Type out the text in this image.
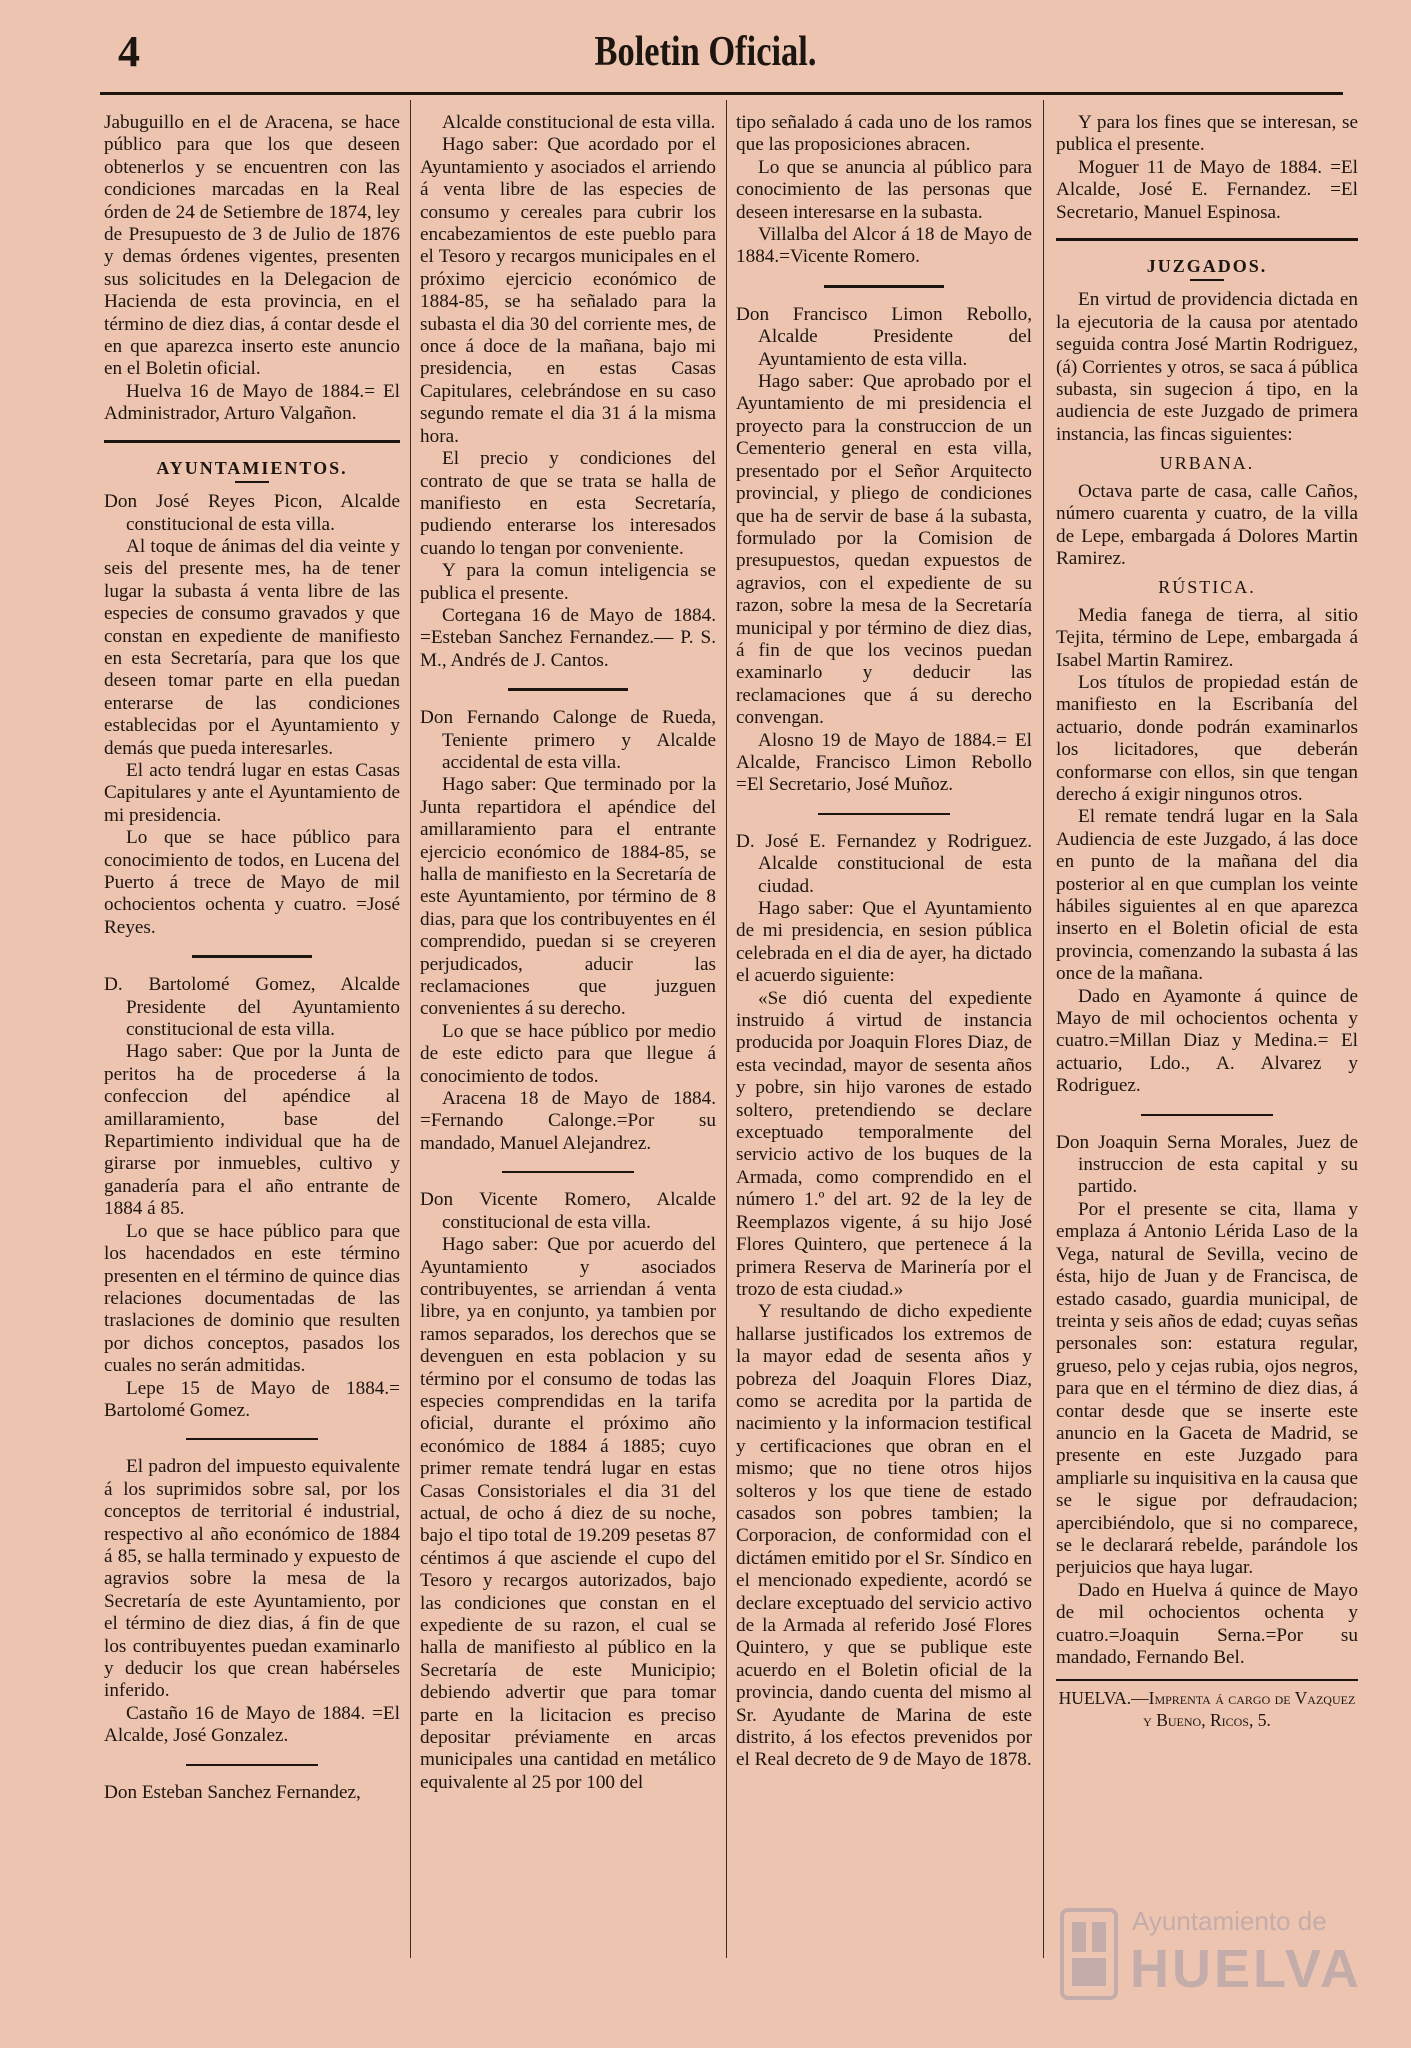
4	Boletin Oficial.

Jabuguillo en el de Aracena, se hace público para que los que deseen obtenerlos y se encuentren con las condiciones marcadas en la Real órden de 24 de Setiembre de 1874, ley de Presupuesto de 3 de Julio de 1876 y demas órdenes vigentes, presenten sus solicitudes en la Delegacion de Hacienda de esta provincia, en el término de diez dias, á contar desde el en que aparezca inserto este anuncio en el Boletin oficial.

Huelva 16 de Mayo de 1884.= El Administrador, Arturo Valgañon.

AYUNTAMIENTOS.

Don José Reyes Picon, Alcalde constitucional de esta villa.

Al toque de ánimas del dia veinte y seis del presente mes, ha de tener lugar la subasta á venta libre de las especies de consumo gravados y que constan en expediente de manifiesto en esta Secretaría, para que los que deseen tomar parte en ella puedan enterarse de las condiciones establecidas por el Ayuntamiento y demás que pueda interesarles.

El acto tendrá lugar en estas Casas Capitulares y ante el Ayuntamiento de mi presidencia.

Lo que se hace público para conocimiento de todos, en Lucena del Puerto á trece de Mayo de mil ochocientos ochenta y cuatro. =José Reyes.

D. Bartolomé Gomez, Alcalde Presidente del Ayuntamiento constitucional de esta villa.

Hago saber: Que por la Junta de peritos ha de procederse á la confeccion del apéndice al amillaramiento, base del Repartimiento individual que ha de girarse por inmuebles, cultivo y ganadería para el año entrante de 1884 á 85.

Lo que se hace público para que los hacendados en este término presenten en el término de quince dias relaciones documentadas de las traslaciones de dominio que resulten por dichos conceptos, pasados los cuales no serán admitidas.

Lepe 15 de Mayo de 1884.= Bartolomé Gomez.

El padron del impuesto equivalente á los suprimidos sobre sal, por los conceptos de territorial é industrial, respectivo al año económico de 1884 á 85, se halla terminado y expuesto de agravios sobre la mesa de la Secretaría de este Ayuntamiento, por el término de diez dias, á fin de que los contribuyentes puedan examinarlo y deducir los que crean habérseles inferido.

Castaño 16 de Mayo de 1884. =El Alcalde, José Gonzalez.

Don Esteban Sanchez Fernandez,

Alcalde constitucional de esta villa.

Hago saber: Que acordado por el Ayuntamiento y asociados el arriendo á venta libre de las especies de consumo y cereales para cubrir los encabezamientos de este pueblo para el Tesoro y recargos municipales en el próximo ejercicio económico de 1884-85, se ha señalado para la subasta el dia 30 del corriente mes, de once á doce de la mañana, bajo mi presidencia, en estas Casas Capitulares, celebrándose en su caso segundo remate el dia 31 á la misma hora.

El precio y condiciones del contrato de que se trata se halla de manifiesto en esta Secretaría, pudiendo enterarse los interesados cuando lo tengan por conveniente.

Y para la comun inteligencia se publica el presente.

Cortegana 16 de Mayo de 1884. =Esteban Sanchez Fernandez.— P. S. M., Andrés de J. Cantos.

Don Fernando Calonge de Rueda, Teniente primero y Alcalde accidental de esta villa.

Hago saber: Que terminado por la Junta repartidora el apéndice del amillaramiento para el entrante ejercicio económico de 1884-85, se halla de manifiesto en la Secretaría de este Ayuntamiento, por término de 8 dias, para que los contribuyentes en él comprendido, puedan si se creyeren perjudicados, aducir las reclamaciones que juzguen convenientes á su derecho.

Lo que se hace público por medio de este edicto para que llegue á conocimiento de todos.

Aracena 18 de Mayo de 1884. =Fernando Calonge.=Por su mandado, Manuel Alejandrez.

Don Vicente Romero, Alcalde constitucional de esta villa.

Hago saber: Que por acuerdo del Ayuntamiento y asociados contribuyentes, se arriendan á venta libre, ya en conjunto, ya tambien por ramos separados, los derechos que se devenguen en esta poblacion y su término por el consumo de todas las especies comprendidas en la tarifa oficial, durante el próximo año económico de 1884 á 1885; cuyo primer remate tendrá lugar en estas Casas Consistoriales el dia 31 del actual, de ocho á diez de su noche, bajo el tipo total de 19.209 pesetas 87 céntimos á que asciende el cupo del Tesoro y recargos autorizados, bajo las condiciones que constan en el expediente de su razon, el cual se halla de manifiesto al público en la Secretaría de este Municipio; debiendo advertir que para tomar parte en la licitacion es preciso depositar préviamente en arcas municipales una cantidad en metálico equivalente al 25 por 100 del

tipo señalado á cada uno de los ramos que las proposiciones abracen.

Lo que se anuncia al público para conocimiento de las personas que deseen interesarse en la subasta.

Villalba del Alcor á 18 de Mayo de 1884.=Vicente Romero.

Don Francisco Limon Rebollo, Alcalde Presidente del Ayuntamiento de esta villa.

Hago saber: Que aprobado por el Ayuntamiento de mi presidencia el proyecto para la construccion de un Cementerio general en esta villa, presentado por el Señor Arquitecto provincial, y pliego de condiciones que ha de servir de base á la subasta, formulado por la Comision de presupuestos, quedan expuestos de agravios, con el expediente de su razon, sobre la mesa de la Secretaría municipal y por término de diez dias, á fin de que los vecinos puedan examinarlo y deducir las reclamaciones que á su derecho convengan.

Alosno 19 de Mayo de 1884.= El Alcalde, Francisco Limon Rebollo =El Secretario, José Muñoz.

D. José E. Fernandez y Rodriguez. Alcalde constitucional de esta ciudad.

Hago saber: Que el Ayuntamiento de mi presidencia, en sesion pública celebrada en el dia de ayer, ha dictado el acuerdo siguiente:

«Se dió cuenta del expediente instruido á virtud de instancia producida por Joaquin Flores Diaz, de esta vecindad, mayor de sesenta años y pobre, sin hijo varones de estado soltero, pretendiendo se declare exceptuado temporalmente del servicio activo de los buques de la Armada, como comprendido en el número 1.º del art. 92 de la ley de Reemplazos vigente, á su hijo José Flores Quintero, que pertenece á la primera Reserva de Marinería por el trozo de esta ciudad.»

Y resultando de dicho expediente hallarse justificados los extremos de la mayor edad de sesenta años y pobreza del Joaquin Flores Diaz, como se acredita por la partida de nacimiento y la informacion testifical y certificaciones que obran en el mismo; que no tiene otros hijos solteros y los que tiene de estado casados son pobres tambien; la Corporacion, de conformidad con el dictámen emitido por el Sr. Síndico en el mencionado expediente, acordó se declare exceptuado del servicio activo de la Armada al referido José Flores Quintero, y que se publique este acuerdo en el Boletin oficial de la provincia, dando cuenta del mismo al Sr. Ayudante de Marina de este distrito, á los efectos prevenidos por el Real decreto de 9 de Mayo de 1878.

Y para los fines que se interesan, se publica el presente.

Moguer 11 de Mayo de 1884. =El Alcalde, José E. Fernandez. =El Secretario, Manuel Espinosa.

JUZGADOS.

En virtud de providencia dictada en la ejecutoria de la causa por atentado seguida contra José Martin Rodriguez, (á) Corrientes y otros, se saca á pública subasta, sin sugecion á tipo, en la audiencia de este Juzgado de primera instancia, las fincas siguientes:

URBANA.

Octava parte de casa, calle Caños, número cuarenta y cuatro, de la villa de Lepe, embargada á Dolores Martin Ramirez.

RÚSTICA.

Media fanega de tierra, al sitio Tejita, término de Lepe, embargada á Isabel Martin Ramirez.

Los títulos de propiedad están de manifiesto en la Escribanía del actuario, donde podrán examinarlos los licitadores, que deberán conformarse con ellos, sin que tengan derecho á exigir ningunos otros.

El remate tendrá lugar en la Sala Audiencia de este Juzgado, á las doce en punto de la mañana del dia posterior al en que cumplan los veinte hábiles siguientes al en que aparezca inserto en el Boletin oficial de esta provincia, comenzando la subasta á las once de la mañana.

Dado en Ayamonte á quince de Mayo de mil ochocientos ochenta y cuatro.=Millan Diaz y Medina.= El actuario, Ldo., A. Alvarez y Rodriguez.

Don Joaquin Serna Morales, Juez de instruccion de esta capital y su partido.

Por el presente se cita, llama y emplaza á Antonio Lérida Laso de la Vega, natural de Sevilla, vecino de ésta, hijo de Juan y de Francisca, de estado casado, guardia municipal, de treinta y seis años de edad; cuyas señas personales son: estatura regular, grueso, pelo y cejas rubia, ojos negros, para que en el término de diez dias, á contar desde que se inserte este anuncio en la Gaceta de Madrid, se presente en este Juzgado para ampliarle su inquisitiva en la causa que se le sigue por defraudacion; apercibiéndolo, que si no comparece, se le declarará rebelde, parándole los perjuicios que haya lugar.

Dado en Huelva á quince de Mayo de mil ochocientos ochenta y cuatro.=Joaquin Serna.=Por su mandado, Fernando Bel.

HUELVA.—Imprenta á cargo de Vazquez y Bueno, Ricos, 5.
Ayuntamiento de
HUELVA
